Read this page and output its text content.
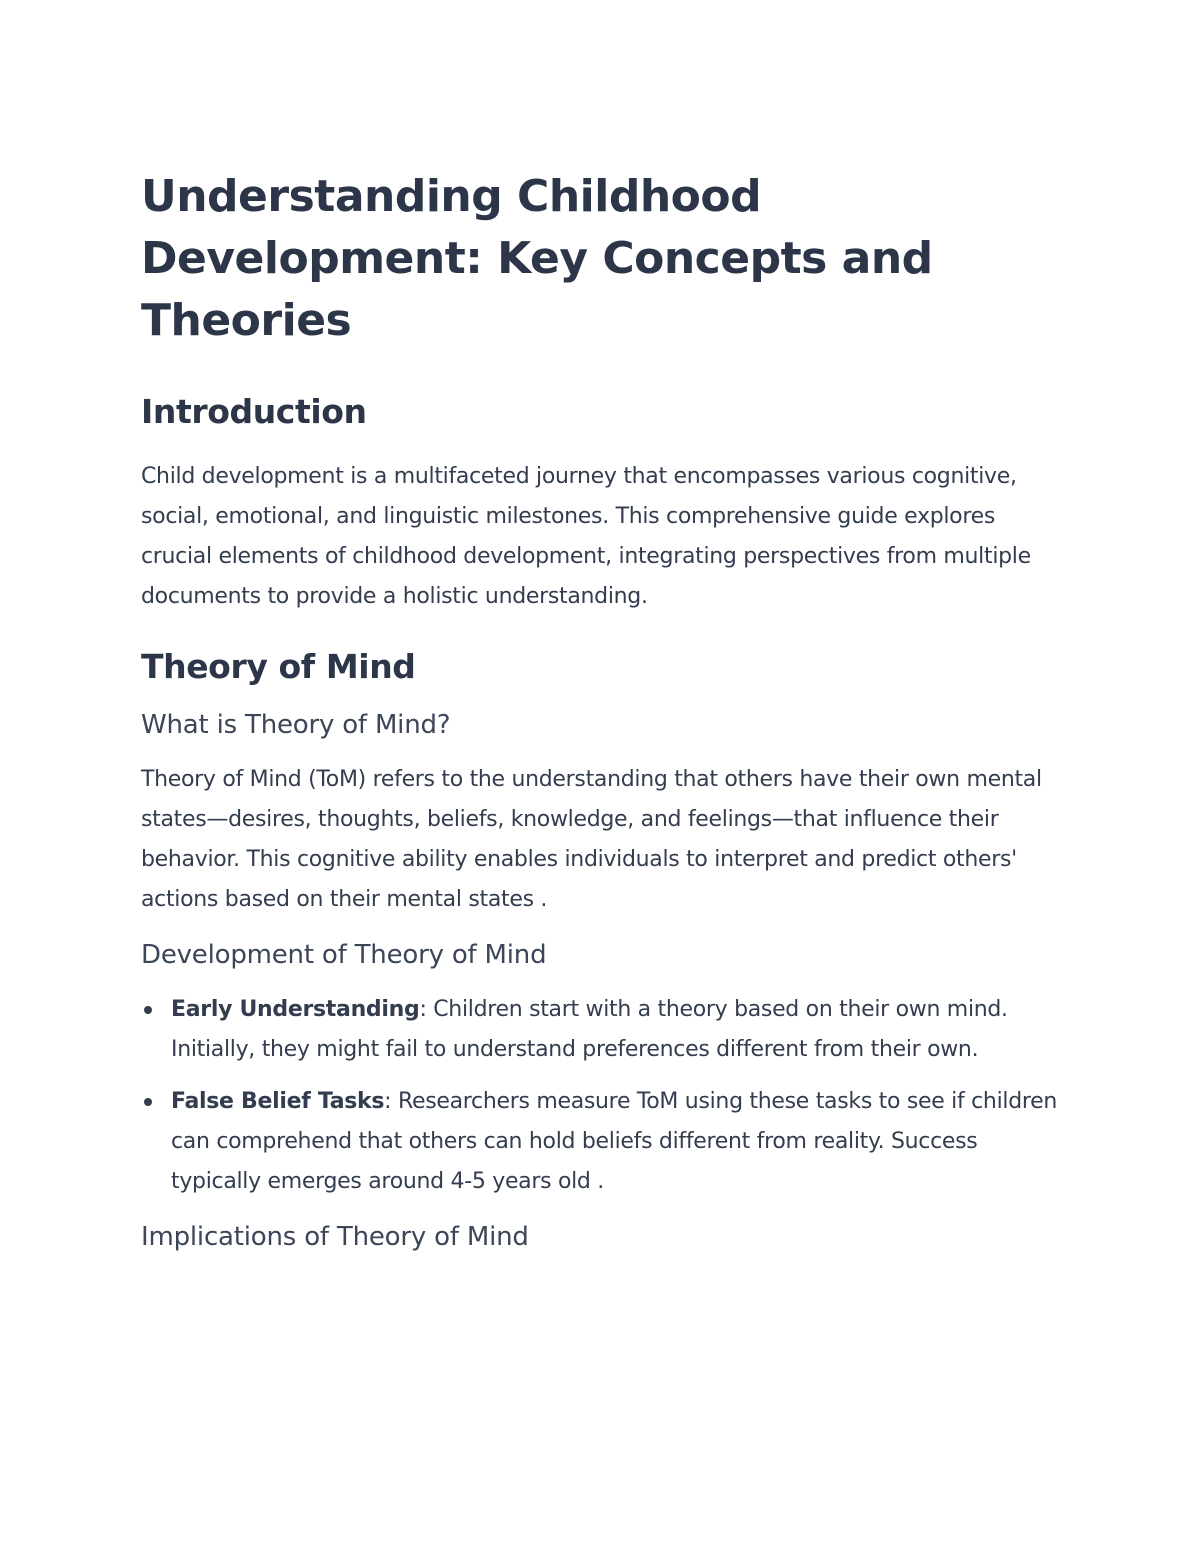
Understanding Childhood Development: Key Concepts and Theories
Introduction

Child development is a multifaceted journey that encompasses various cognitive, social, emotional, and linguistic milestones. This comprehensive guide explores crucial elements of childhood development, integrating perspectives from multiple documents to provide a holistic understanding.

Theory of Mind
What is Theory of Mind?

Theory of Mind (ToM) refers to the understanding that others have their own mental states—desires, thoughts, beliefs, knowledge, and feelings—that influence their behavior. This cognitive ability enables individuals to interpret and predict others' actions based on their mental states .

Development of Theory of Mind
Early Understanding: Children start with a theory based on their own mind. Initially, they might fail to understand preferences different from their own.
False Belief Tasks: Researchers measure ToM using these tasks to see if children can comprehend that others can hold beliefs different from reality. Success typically emerges around 4-5 years old .
Implications of Theory of Mind
